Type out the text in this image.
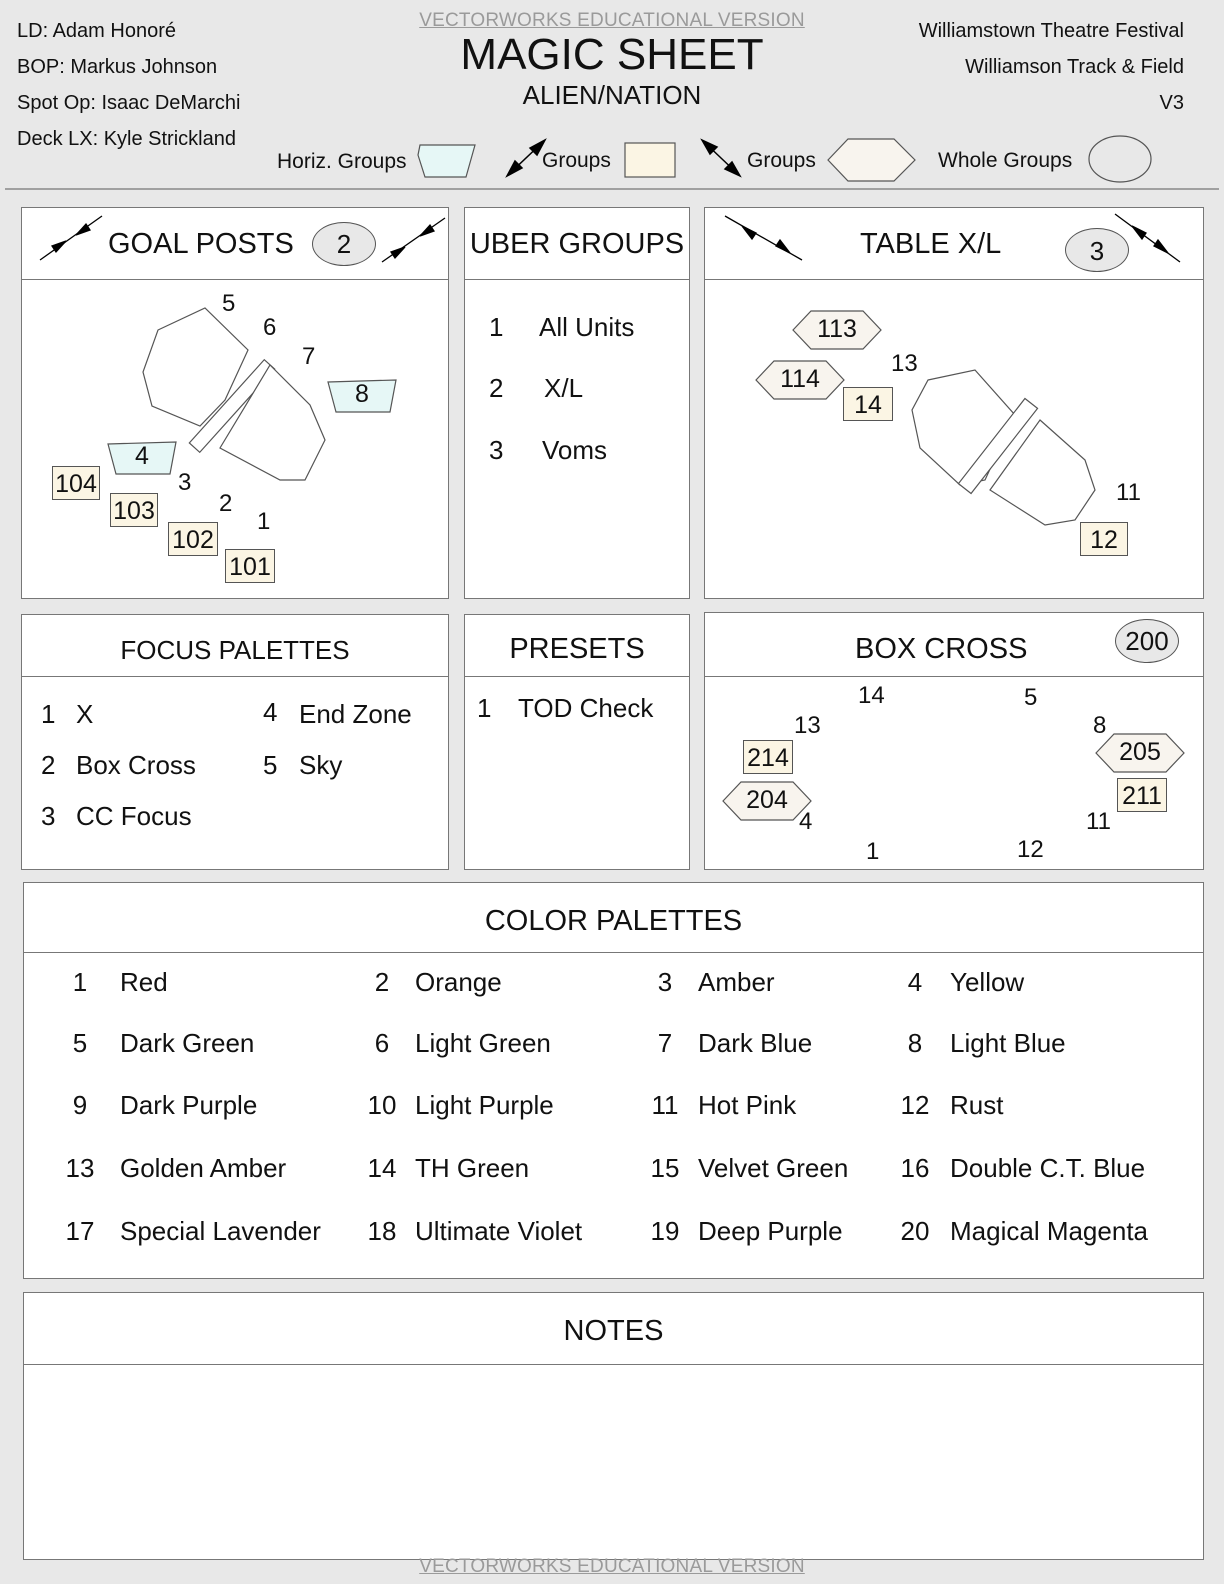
VECTORWORKS EDUCATIONAL VERSION
MAGIC SHEET
ALIEN/NATION
LD: Adam Honoré
BOP: Markus Johnson
Spot Op: Isaac DeMarchi
Deck LX: Kyle Strickland
Williamstown Theatre Festival
Williamson Track & Field
V3
Horiz. Groups	Groups	Groups	Whole Groups
GOAL POSTS	2	UBER GROUPS
1 All Units
2 X/L
3 Voms
TABLE X/L	3
FOCUS PALETTES
1 X
2 Box Cross
3 CC Focus
4 End Zone
5 Sky
PRESETS
1 TOD Check
BOX CROSS	200
COLOR PALETTES
1	Red	2 Orange	3 Amber	4	Yellow
5	Dark Green	6 Light Green	7 Dark Blue	8	Light Blue
9	Dark Purple	10 Light Purple	11 Hot Pink	12 Rust
13 Golden Amber	14 TH Green	15 Velvet Green 16 Double C.T. Blue
17 Special Lavender 18 Ultimate Violet	19 Deep Purple 20 Magical Magenta
NOTES
VECTORWORKS EDUCATIONAL VERSION
5
6
7
3
2
1
8
4
104
103
102
101
113
114
14
12
13
11
14	5
13	8
4	11
1	12
214
211
205
204
